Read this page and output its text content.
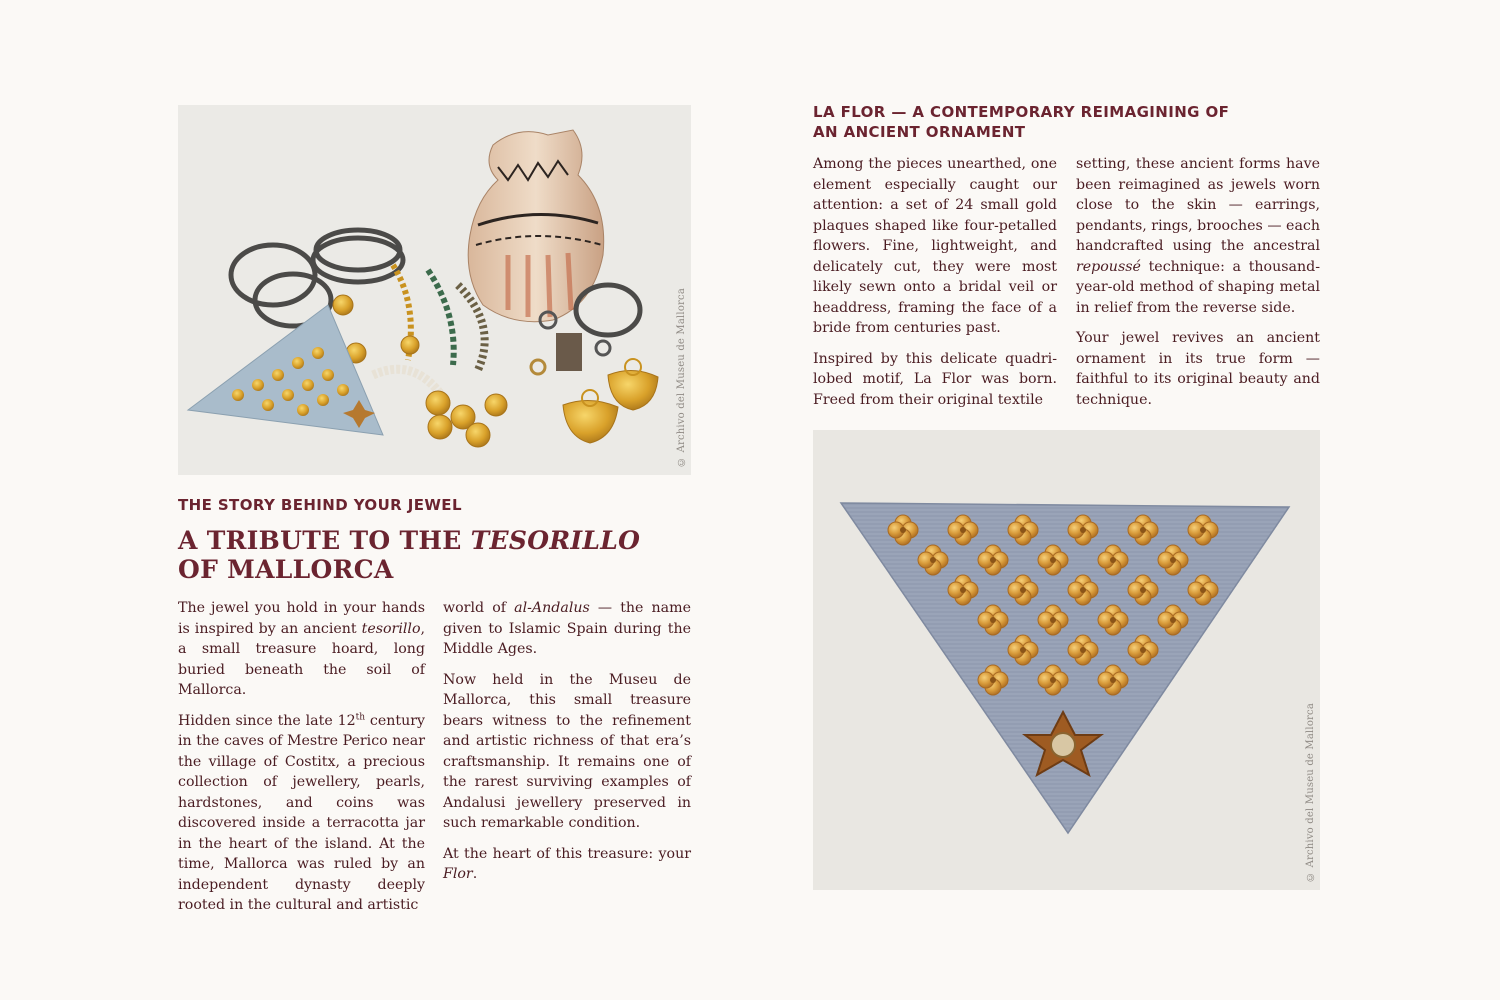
© Archivo del Museu de Mallorca
THE STORY BEHIND YOUR JEWEL
A TRIBUTE TO THE TESORILLO
OF MALLORCA

The jewel you hold in your hands is inspired by an ancient tesorillo, a small treasure hoard, long buried beneath the soil of Mallorca.

Hidden since the late 12th century in the caves of Mestre Perico near the village of Costitx, a precious collection of jewellery, pearls, hardstones, and coins was discovered inside a terracotta jar in the heart of the island. At the time, Mallorca was ruled by an independent dynasty deeply rooted in the cultural and artistic

world of al-Andalus — the name given to Islamic Spain during the Middle Ages.

Now held in the Museu de Mallorca, this small treasure bears witness to the refinement and artistic richness of that era’s craftsmanship. It remains one of the rarest surviving examples of Andalusi jewellery preserved in such remarkable condition.

At the heart of this treasure: your Flor.

LA FLOR — A CONTEMPORARY REIMAGINING OF AN ANCIENT ORNAMENT

Among the pieces unearthed, one element especially caught our attention: a set of 24 small gold plaques shaped like four-petalled flowers. Fine, lightweight, and delicately cut, they were most likely sewn onto a bridal veil or headdress, framing the face of a bride from centuries past.

Inspired by this delicate quadrilobed motif, La Flor was born. Freed from their original textile

setting, these ancient forms have been reimagined as jewels worn close to the skin — earrings, pendants, rings, brooches — each handcrafted using the ancestral repoussé technique: a thousand-year-old method of shaping metal in relief from the reverse side.

Your jewel revives an ancient ornament in its true form — faithful to its original beauty and technique.

© Archivo del Museu de Mallorca
